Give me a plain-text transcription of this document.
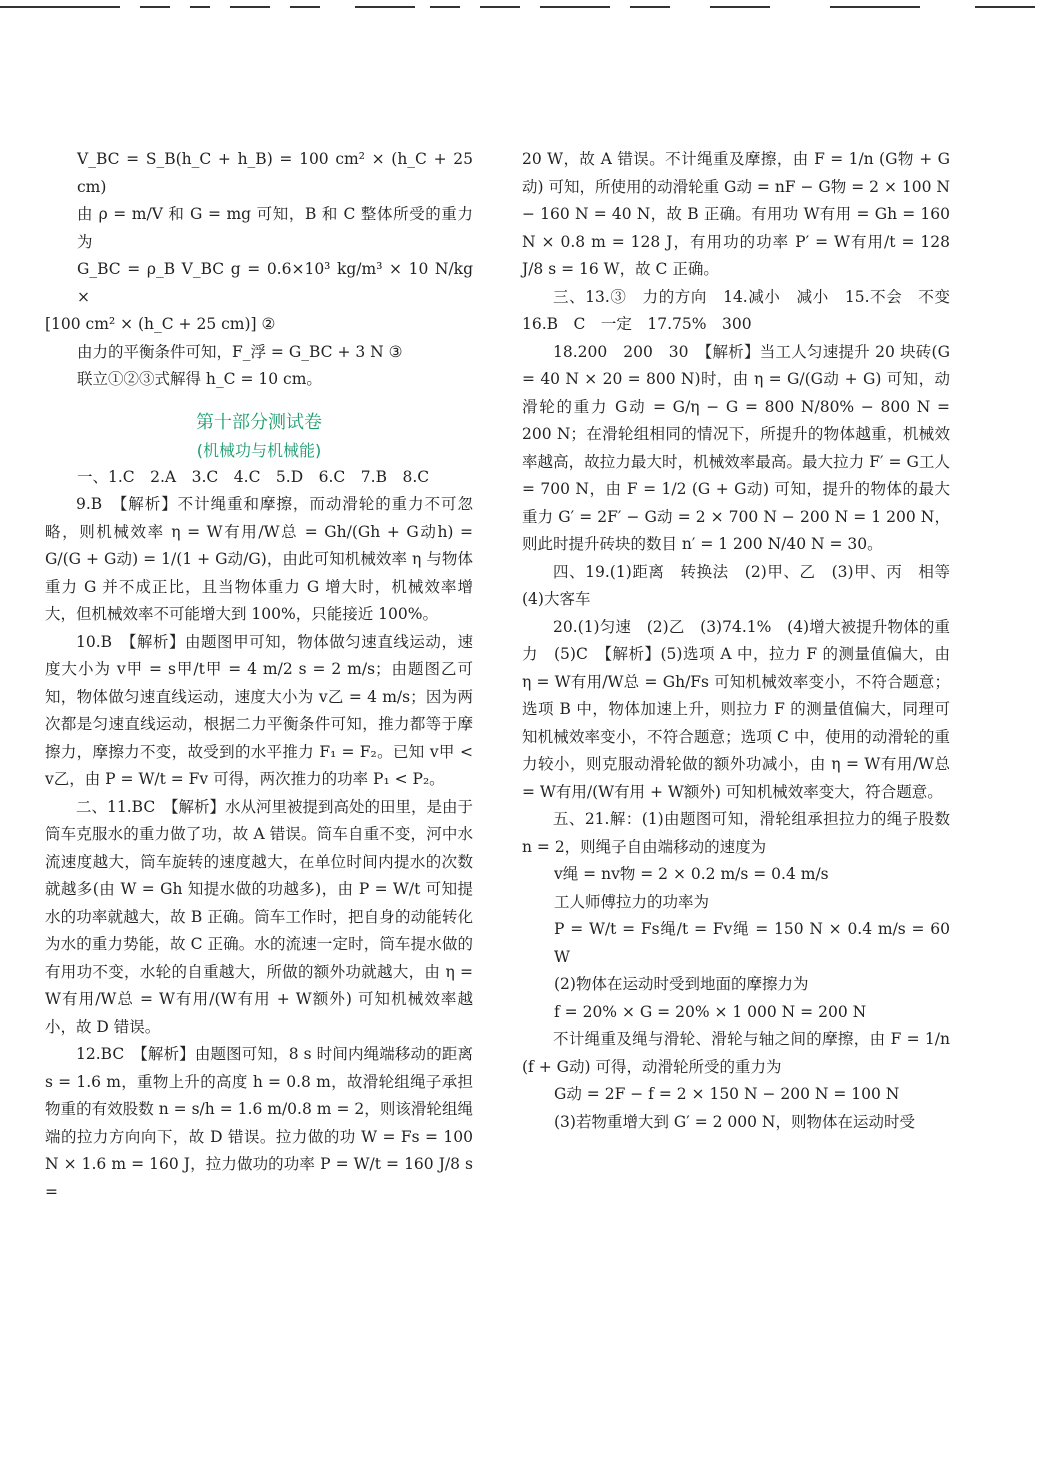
V_BC = S_B(h_C + h_B) = 100 cm² × (h_C + 25 cm)

由 ρ = m/V 和 G = mg 可知，B 和 C 整体所受的重力为

G_BC = ρ_B V_BC g = 0.6×10³ kg/m³ × 10 N/kg ×

[100 cm² × (h_C + 25 cm)] ②

由力的平衡条件可知，F_浮 = G_BC + 3 N ③

联立①②③式解得 h_C = 10 cm。

第十部分测试卷

(机械功与机械能)

一、1.C　2.A　3.C　4.C　5.D　6.C　7.B　8.C

9.B　【解析】不计绳重和摩擦，而动滑轮的重力不可忽略，则机械效率 η = W有用/W总 = Gh/(Gh + G动h) = G/(G + G动) = 1/(1 + G动/G)，由此可知机械效率 η 与物体重力 G 并不成正比，且当物体重力 G 增大时，机械效率增大，但机械效率不可能增大到 100%，只能接近 100%。

10.B　【解析】由题图甲可知，物体做匀速直线运动，速度大小为 v甲 = s甲/t甲 = 4 m/2 s = 2 m/s；由题图乙可知，物体做匀速直线运动，速度大小为 v乙 = 4 m/s；因为两次都是匀速直线运动，根据二力平衡条件可知，推力都等于摩擦力，摩擦力不变，故受到的水平推力 F₁ = F₂。已知 v甲 < v乙，由 P = W/t = Fv 可得，两次推力的功率 P₁ < P₂。

二、11.BC　【解析】水从河里被提到高处的田里，是由于筒车克服水的重力做了功，故 A 错误。筒车自重不变，河中水流速度越大，筒车旋转的速度越大，在单位时间内提水的次数就越多(由 W = Gh 知提水做的功越多)，由 P = W/t 可知提水的功率就越大，故 B 正确。筒车工作时，把自身的动能转化为水的重力势能，故 C 正确。水的流速一定时，筒车提水做的有用功不变，水轮的自重越大，所做的额外功就越大，由 η = W有用/W总 = W有用/(W有用 + W额外) 可知机械效率越小，故 D 错误。

12.BC　【解析】由题图可知，8 s 时间内绳端移动的距离 s = 1.6 m，重物上升的高度 h = 0.8 m，故滑轮组绳子承担物重的有效股数 n = s/h = 1.6 m/0.8 m = 2，则该滑轮组绳端的拉力方向向下，故 D 错误。拉力做的功 W = Fs = 100 N × 1.6 m = 160 J，拉力做功的功率 P = W/t = 160 J/8 s =

20 W，故 A 错误。不计绳重及摩擦，由 F = 1/n (G物 + G动) 可知，所使用的动滑轮重 G动 = nF − G物 = 2 × 100 N − 160 N = 40 N，故 B 正确。有用功 W有用 = Gh = 160 N × 0.8 m = 128 J，有用功的功率 P′ = W有用/t = 128 J/8 s = 16 W，故 C 正确。

三、13.③　力的方向　14.减小　减小　15.不会　不变　16.B　C　一定　17.75%　300

18.200　200　30　【解析】当工人匀速提升 20 块砖(G = 40 N × 20 = 800 N)时，由 η = G/(G动 + G) 可知，动滑轮的重力 G动 = G/η − G = 800 N/80% − 800 N = 200 N；在滑轮组相同的情况下，所提升的物体越重，机械效率越高，故拉力最大时，机械效率最高。最大拉力 F′ = G工人 = 700 N，由 F = 1/2 (G + G动) 可知，提升的物体的最大重力 G′ = 2F′ − G动 = 2 × 700 N − 200 N = 1 200 N，则此时提升砖块的数目 n′ = 1 200 N/40 N = 30。

四、19.(1)距离　转换法　(2)甲、乙　(3)甲、丙　相等　(4)大客车

20.(1)匀速　(2)乙　(3)74.1%　(4)增大被提升物体的重力　(5)C　【解析】(5)选项 A 中，拉力 F 的测量值偏大，由 η = W有用/W总 = Gh/Fs 可知机械效率变小，不符合题意；选项 B 中，物体加速上升，则拉力 F 的测量值偏大，同理可知机械效率变小，不符合题意；选项 C 中，使用的动滑轮的重力较小，则克服动滑轮做的额外功减小，由 η = W有用/W总 = W有用/(W有用 + W额外) 可知机械效率变大，符合题意。

五、21.解：(1)由题图可知，滑轮组承担拉力的绳子股数 n = 2，则绳子自由端移动的速度为

v绳 = nv物 = 2 × 0.2 m/s = 0.4 m/s

工人师傅拉力的功率为

P = W/t = Fs绳/t = Fv绳 = 150 N × 0.4 m/s = 60 W

(2)物体在运动时受到地面的摩擦力为

f = 20% × G = 20% × 1 000 N = 200 N

不计绳重及绳与滑轮、滑轮与轴之间的摩擦，由 F = 1/n (f + G动) 可得，动滑轮所受的重力为

G动 = 2F − f = 2 × 150 N − 200 N = 100 N

(3)若物重增大到 G′ = 2 000 N，则物体在运动时受
